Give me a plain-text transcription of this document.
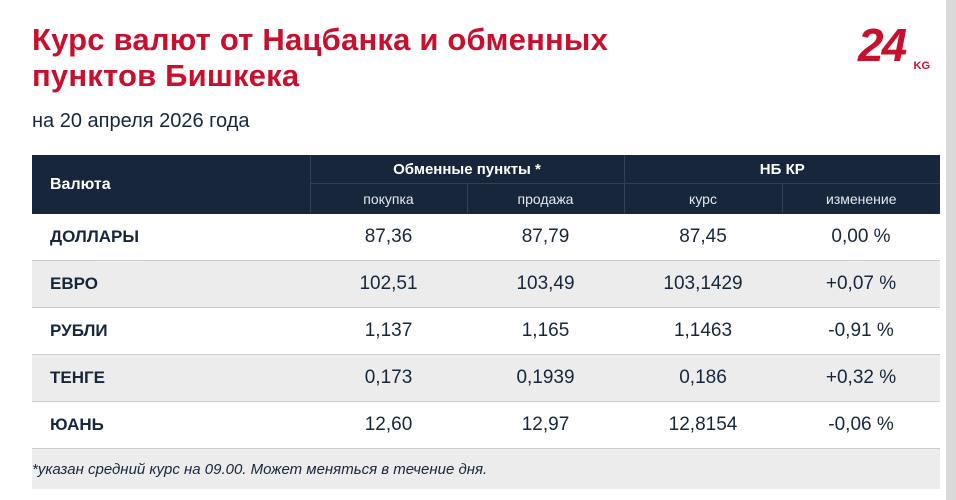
24 KG
Курс валют от Нацбанка и обменных пунктов Бишкека
на 20 апреля 2026 года
Валюта	Обменные пункты *		НБ КР	
	покупка	продажа	курс	изменение
ДОЛЛАРЫ	87,36	87,79	87,45	0,00 %
ЕВРО	102,51	103,49	103,1429	+0,07 %
РУБЛИ	1,137	1,165	1,1463	-0,91 %
ТЕНГЕ	0,173	0,1939	0,186	+0,32 %
ЮАНЬ	12,60	12,97	12,8154	-0,06 %
*указан средний курс на 09.00. Может меняться в течение дня.				
